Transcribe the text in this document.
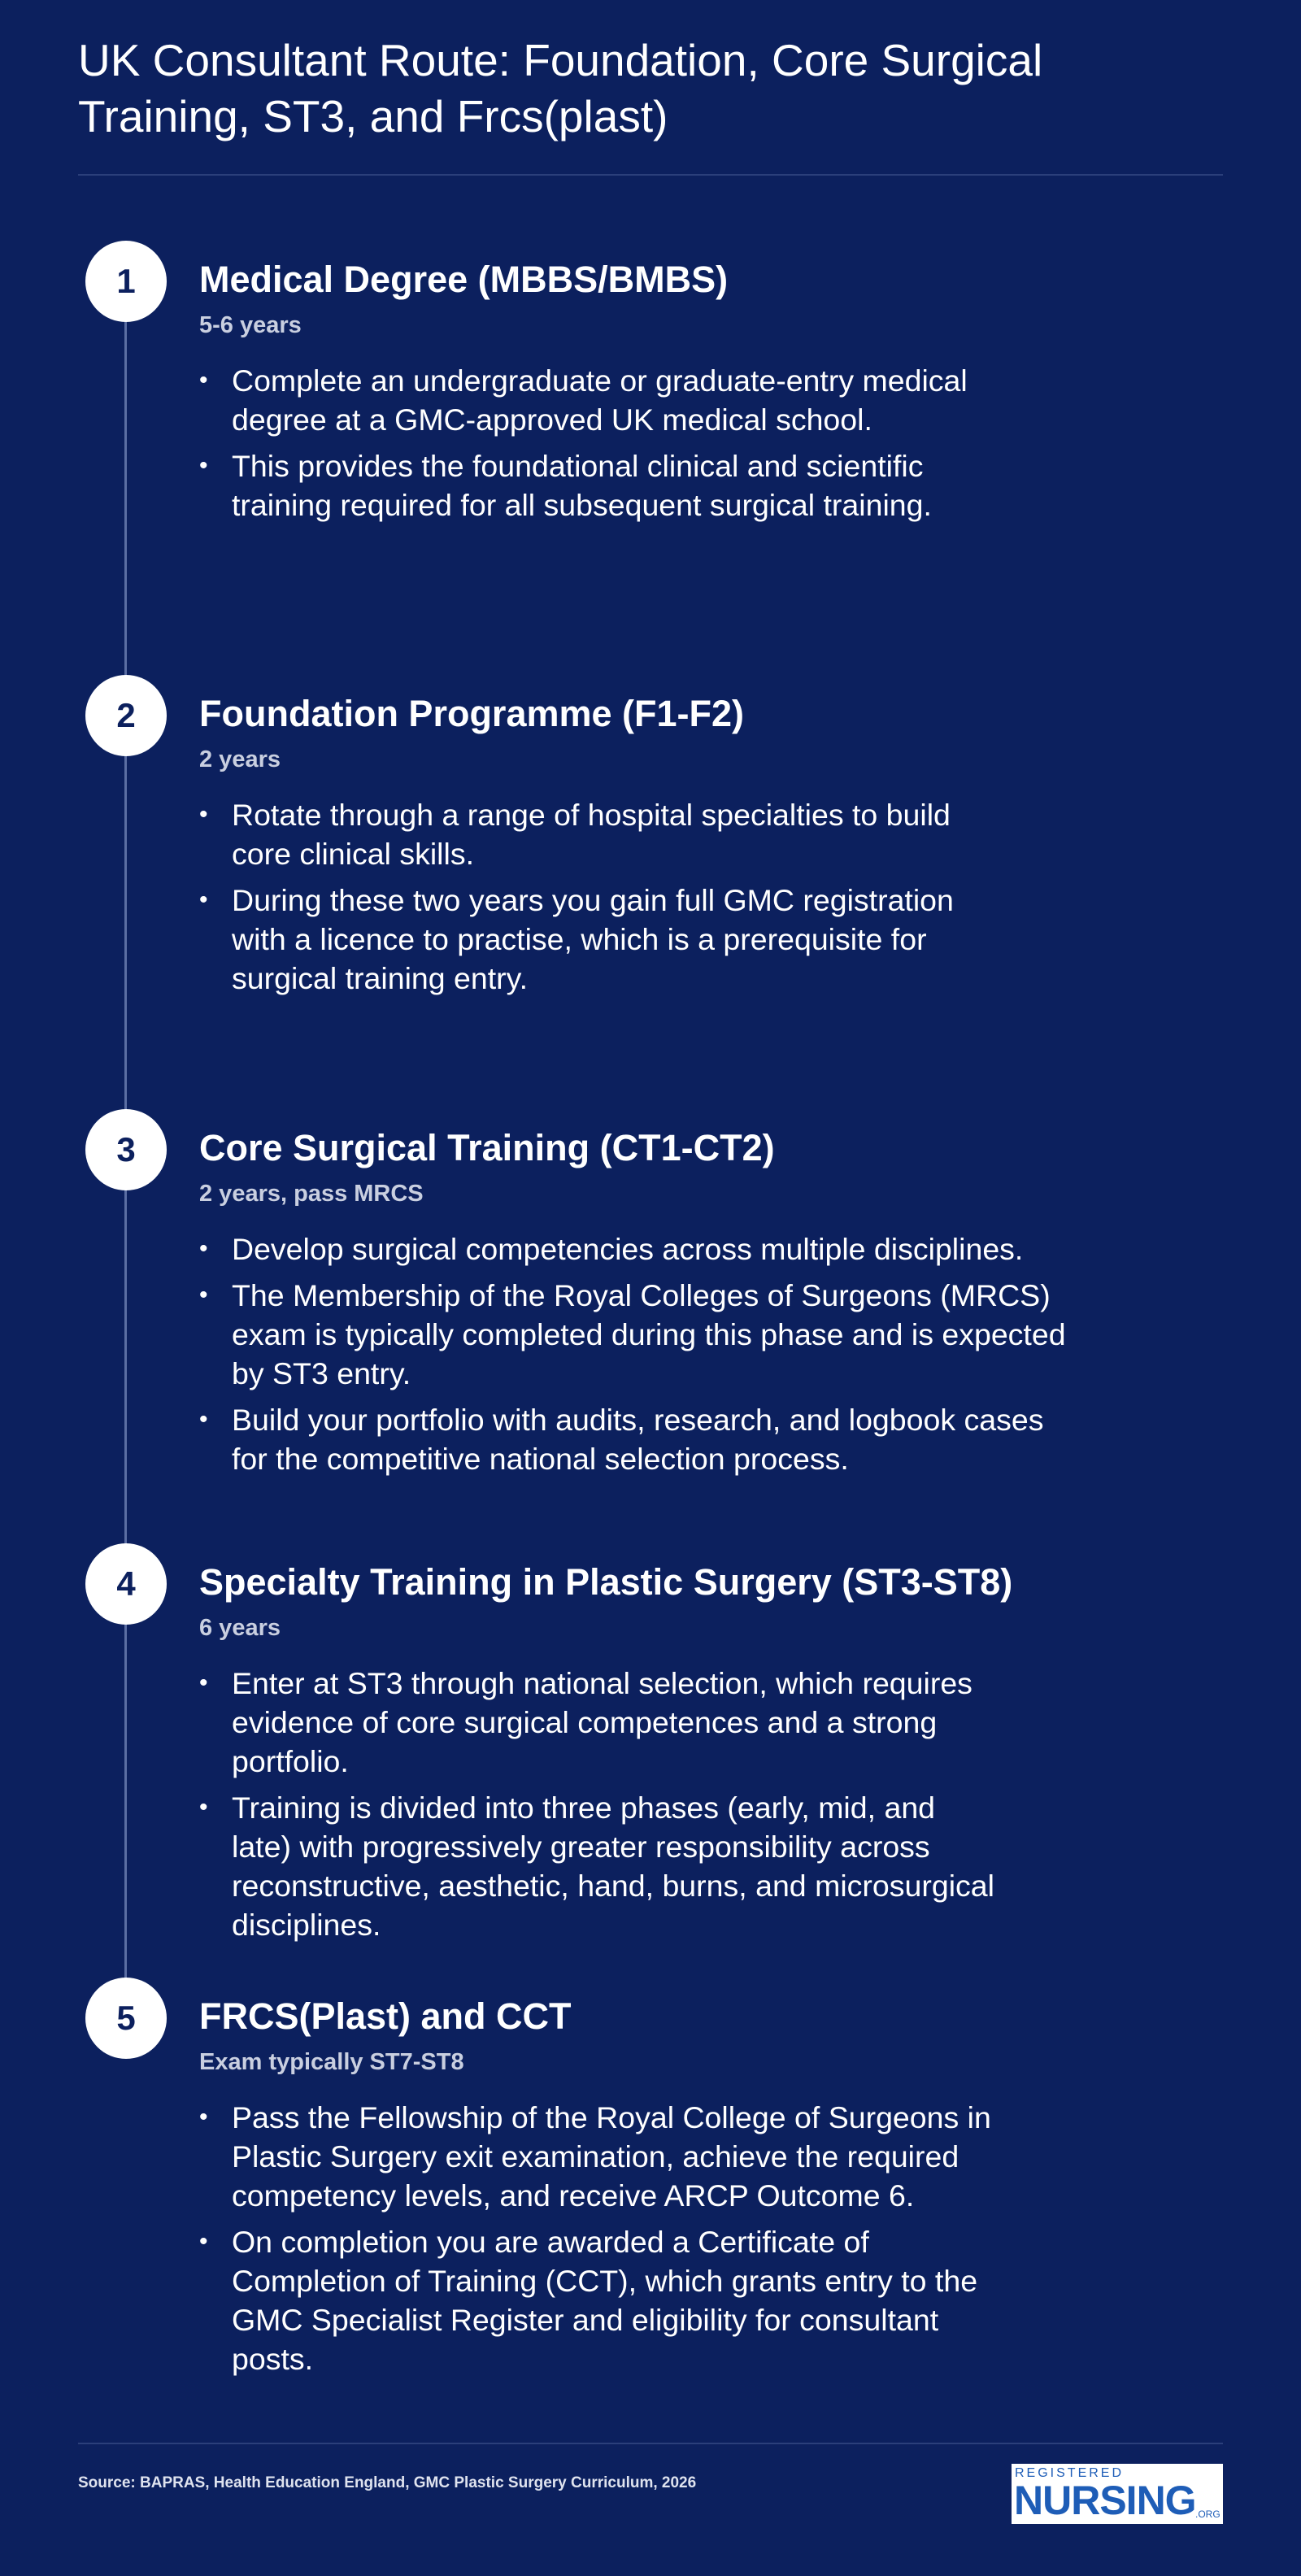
UK Consultant Route: Foundation, Core Surgical Training, ST3, and Frcs(plast)
1	Medical Degree (MBBS/BMBS)
5-6 years
• Complete an undergraduate or graduate-entry medical degree at a GMC-approved UK medical school.
• This provides the foundational clinical and scientific training required for all subsequent surgical training.
2	Foundation Programme (F1-F2)
2 years
• Rotate through a range of hospital specialties to build core clinical skills.
• During these two years you gain full GMC registration with a licence to practise, which is a prerequisite for surgical training entry.
3	Core Surgical Training (CT1-CT2)
2 years, pass MRCS
• Develop surgical competencies across multiple disciplines.
• The Membership of the Royal Colleges of Surgeons (MRCS) exam is typically completed during this phase and is expected by ST3 entry.
• Build your portfolio with audits, research, and logbook cases for the competitive national selection process.
4	Specialty Training in Plastic Surgery (ST3-ST8)
6 years
• Enter at ST3 through national selection, which requires evidence of core surgical competences and a strong portfolio.
• Training is divided into three phases (early, mid, and late) with progressively greater responsibility across reconstructive, aesthetic, hand, burns, and microsurgical disciplines.
5	FRCS(Plast) and CCT
Exam typically ST7-ST8
• Pass the Fellowship of the Royal College of Surgeons in Plastic Surgery exit examination, achieve the required competency levels, and receive ARCP Outcome 6.
• On completion you are awarded a Certificate of Completion of Training (CCT), which grants entry to the GMC Specialist Register and eligibility for consultant posts.
Source: BAPRAS, Health Education England, GMC Plastic Surgery Curriculum, 2026
REGISTERED
NURSING .ORG
